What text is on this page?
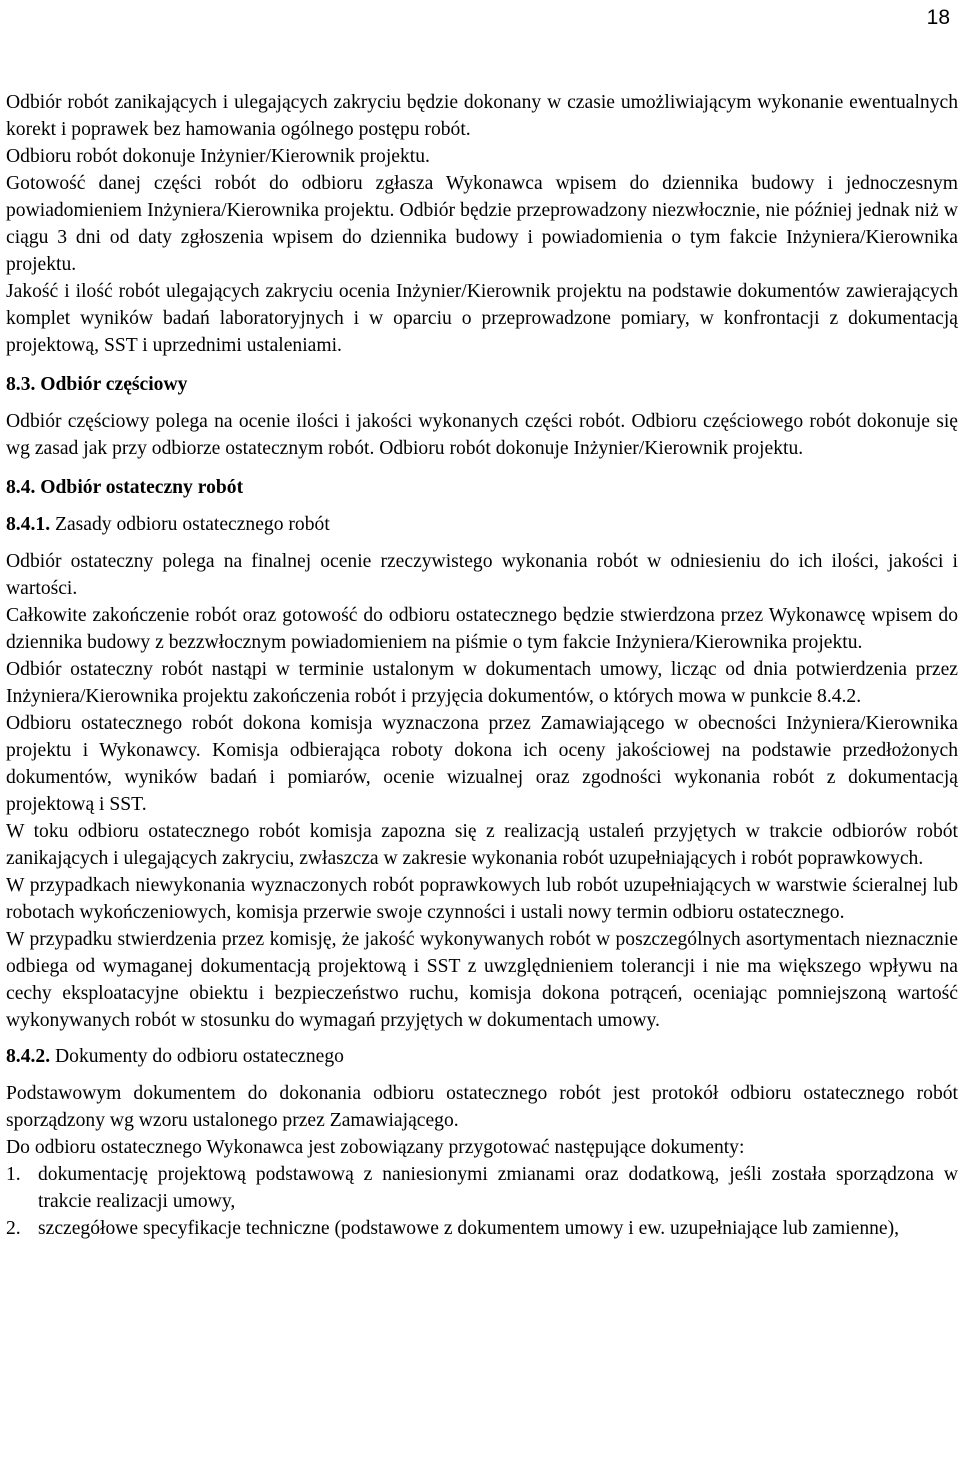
18

Odbiór robót zanikających i ulegających zakryciu będzie dokonany w czasie umożliwiającym wykonanie ewentualnych korekt i poprawek bez hamowania ogólnego postępu robót.

Odbioru robót dokonuje Inżynier/Kierownik projektu.

Gotowość danej części robót do odbioru zgłasza Wykonawca wpisem do dziennika budowy i jednoczesnym powiadomieniem Inżyniera/Kierownika projektu. Odbiór będzie przeprowadzony niezwłocznie, nie później jednak niż w ciągu 3 dni od daty zgłoszenia wpisem do dziennika budowy i powiadomienia o tym fakcie Inżyniera/Kierownika projektu.

Jakość i ilość robót ulegających zakryciu ocenia Inżynier/Kierownik projektu na podstawie dokumentów zawierających komplet wyników badań laboratoryjnych i w oparciu o przeprowadzone pomiary, w konfrontacji z dokumentacją projektową, SST i uprzednimi ustaleniami.

8.3. Odbiór częściowy

Odbiór częściowy polega na ocenie ilości i jakości wykonanych części robót. Odbioru częściowego robót dokonuje się wg zasad jak przy odbiorze ostatecznym robót. Odbioru robót dokonuje Inżynier/Kierownik projektu.

8.4. Odbiór ostateczny robót

8.4.1. Zasady odbioru ostatecznego robót

Odbiór ostateczny polega na finalnej ocenie rzeczywistego wykonania robót w odniesieniu do ich ilości, jakości i wartości.

Całkowite zakończenie robót oraz gotowość do odbioru ostatecznego będzie stwierdzona przez Wykonawcę wpisem do dziennika budowy z bezzwłocznym powiadomieniem na piśmie o tym fakcie Inżyniera/Kierownika projektu.

Odbiór ostateczny robót nastąpi w terminie ustalonym w dokumentach umowy, licząc od dnia potwierdzenia przez Inżyniera/Kierownika projektu zakończenia robót i przyjęcia dokumentów, o których mowa w punkcie 8.4.2.

Odbioru ostatecznego robót dokona komisja wyznaczona przez Zamawiającego w obecności Inżyniera/Kierownika projektu i Wykonawcy. Komisja odbierająca roboty dokona ich oceny jakościowej na podstawie przedłożonych dokumentów, wyników badań i pomiarów, ocenie wizualnej oraz zgodności wykonania robót z dokumentacją projektową i SST.

W toku odbioru ostatecznego robót komisja zapozna się z realizacją ustaleń przyjętych w trakcie odbiorów robót zanikających i ulegających zakryciu, zwłaszcza w zakresie wykonania robót uzupełniających i robót poprawkowych.

W przypadkach niewykonania wyznaczonych robót poprawkowych lub robót uzupełniających w warstwie ścieralnej lub robotach wykończeniowych, komisja przerwie swoje czynności i ustali nowy termin odbioru ostatecznego.

W przypadku stwierdzenia przez komisję, że jakość wykonywanych robót w poszczególnych asortymentach nieznacznie odbiega od wymaganej dokumentacją projektową i SST z uwzględnieniem tolerancji i nie ma większego wpływu na cechy eksploatacyjne obiektu i bezpieczeństwo ruchu, komisja dokona potrąceń, oceniając pomniejszoną wartość wykonywanych robót w stosunku do wymagań przyjętych w dokumentach umowy.

8.4.2. Dokumenty do odbioru ostatecznego

Podstawowym dokumentem do dokonania odbioru ostatecznego robót jest protokół odbioru ostatecznego robót sporządzony wg wzoru ustalonego przez Zamawiającego.

Do odbioru ostatecznego Wykonawca jest zobowiązany przygotować następujące dokumenty:

1. dokumentację projektową podstawową z naniesionymi zmianami oraz dodatkową, jeśli została sporządzona w trakcie realizacji umowy,
2. szczegółowe specyfikacje techniczne (podstawowe z dokumentem umowy i ew. uzupełniające lub zamienne),
